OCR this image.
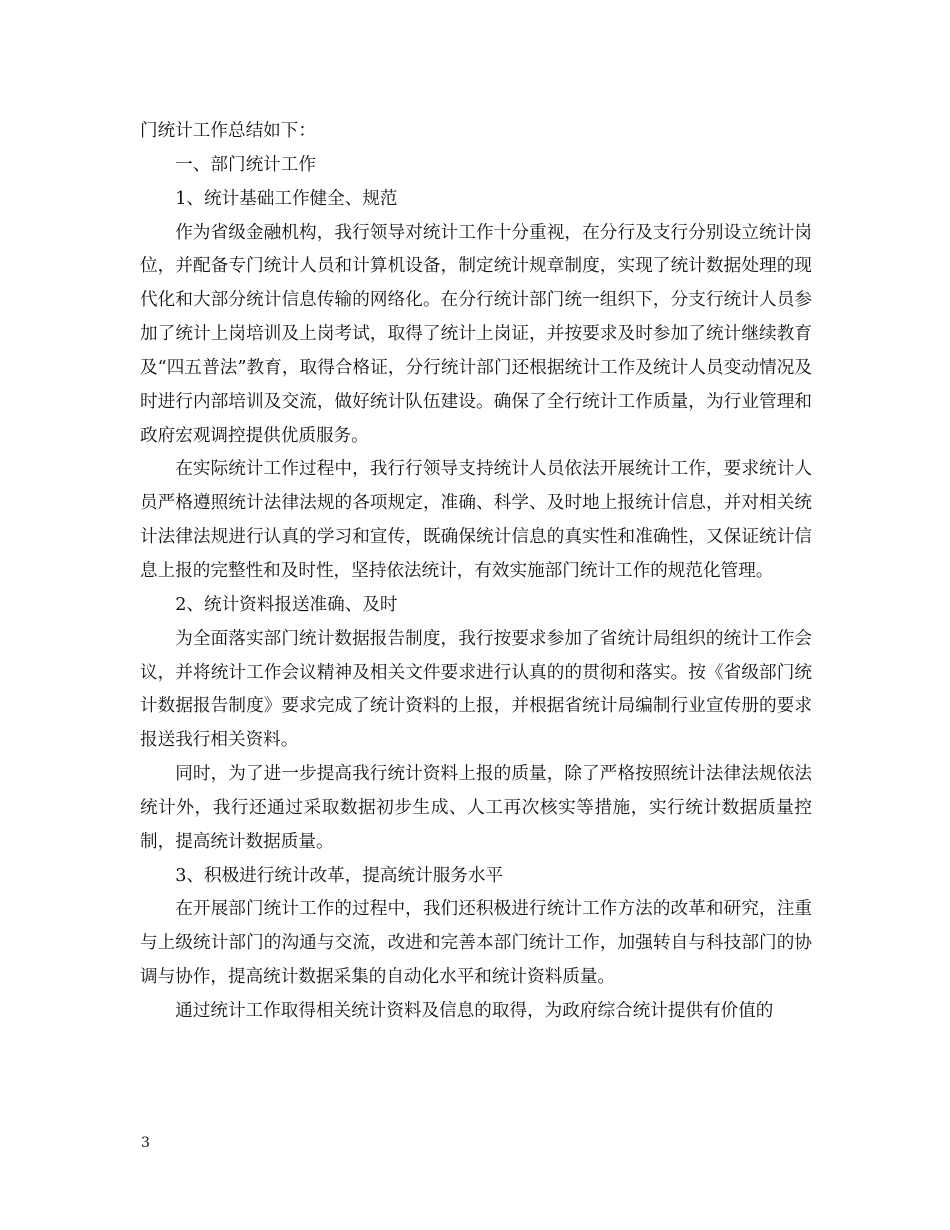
门统计工作总结如下：

一、部门统计工作

1、统计基础工作健全、规范

作为省级金融机构，我行领导对统计工作十分重视，在分行及支行分别设立统计岗位，并配备专门统计人员和计算机设备，制定统计规章制度，实现了统计数据处理的现代化和大部分统计信息传输的网络化。在分行统计部门统一组织下，分支行统计人员参加了统计上岗培训及上岗考试，取得了统计上岗证，并按要求及时参加了统计继续教育及“四五普法”教育，取得合格证，分行统计部门还根据统计工作及统计人员变动情况及时进行内部培训及交流，做好统计队伍建设。确保了全行统计工作质量，为行业管理和政府宏观调控提供优质服务。

在实际统计工作过程中，我行行领导支持统计人员依法开展统计工作，要求统计人员严格遵照统计法律法规的各项规定，准确、科学、及时地上报统计信息，并对相关统计法律法规进行认真的学习和宣传，既确保统计信息的真实性和准确性，又保证统计信息上报的完整性和及时性，坚持依法统计，有效实施部门统计工作的规范化管理。

2、统计资料报送准确、及时

为全面落实部门统计数据报告制度，我行按要求参加了省统计局组织的统计工作会议，并将统计工作会议精神及相关文件要求进行认真的的贯彻和落实。按《省级部门统计数据报告制度》要求完成了统计资料的上报，并根据省统计局编制行业宣传册的要求报送我行相关资料。

同时，为了进一步提高我行统计资料上报的质量，除了严格按照统计法律法规依法统计外，我行还通过采取数据初步生成、人工再次核实等措施，实行统计数据质量控制，提高统计数据质量。

3、积极进行统计改革，提高统计服务水平

在开展部门统计工作的过程中，我们还积极进行统计工作方法的改革和研究，注重与上级统计部门的沟通与交流，改进和完善本部门统计工作，加强转自与科技部门的协调与协作，提高统计数据采集的自动化水平和统计资料质量。

通过统计工作取得相关统计资料及信息的取得，为政府综合统计提供有价值的

3
